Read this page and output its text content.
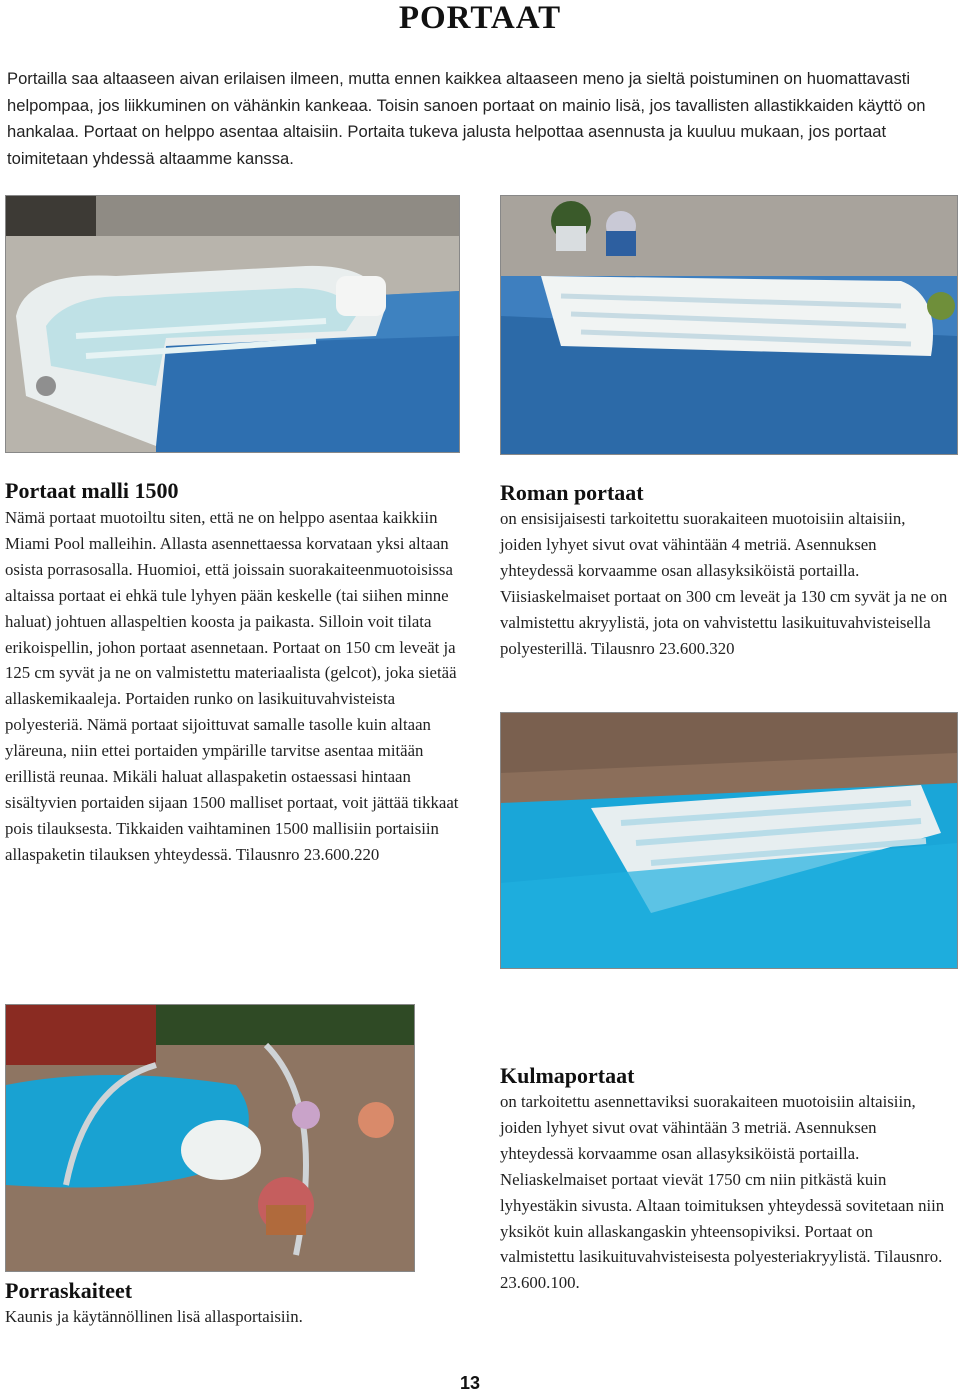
PORTAAT
Portailla saa altaaseen aivan erilaisen ilmeen, mutta ennen kaikkea altaaseen meno ja sieltä poistuminen on huomattavasti helpompaa, jos liikkuminen on vähänkin kankeaa. Toisin sanoen portaat on mainio lisä, jos tavallisten allastikkaiden käyttö on hankalaa. Portaat on helppo asentaa altaisiin. Portaita tukeva jalusta helpottaa asennusta ja kuuluu mukaan, jos portaat toimitetaan yhdessä altaamme kanssa.
Portaat malli 1500
Nämä portaat muotoiltu siten, että ne on helppo asentaa kaikkiin Miami Pool malleihin. Allasta asennettaessa korvataan yksi altaan osista porrasosalla. Huomioi, että joissain suorakaiteenmuotoisissa altaissa portaat ei ehkä tule lyhyen pään keskelle (tai siihen minne haluat) johtuen allaspeltien koosta ja paikasta. Silloin voit tilata erikoispellin, johon portaat asennetaan. Portaat on 150 cm leveät ja 125 cm syvät ja ne on valmistettu materiaalista (gelcot), joka sietää allaskemikaaleja. Portaiden runko on lasikuituvahvisteista polyesteriä. Nämä portaat sijoittuvat samalle tasolle kuin altaan yläreuna, niin ettei portaiden ympärille tarvitse asentaa mitään erillistä reunaa. Mikäli haluat allaspaketin ostaessasi hintaan sisältyvien portaiden sijaan 1500 malliset portaat, voit jättää tikkaat pois tilauksesta. Tikkaiden vaihtaminen 1500 mallisiin portaisiin allaspaketin tilauksen yhteydessä. Tilausnro 23.600.220
Roman portaat
on ensisijaisesti tarkoitettu suorakaiteen muotoisiin altaisiin, joiden lyhyet sivut ovat vähintään 4 metriä. Asennuksen yhteydessä korvaamme osan allasyksiköistä portailla. Viisiaskelmaiset portaat on 300 cm leveät ja 130 cm syvät ja ne on valmistettu akryylistä, jota on vahvistettu lasikuituvahvisteisella polyesterillä. Tilausnro 23.600.320
Kulmaportaat
on tarkoitettu asennettaviksi suorakaiteen muotoisiin altaisiin, joiden lyhyet sivut ovat vähintään 3 metriä. Asennuksen yhteydessä korvaamme osan allasyksiköistä portailla. Neliaskelmaiset portaat vievät 1750 cm niin pitkästä kuin lyhyestäkin sivusta. Altaan toimituksen yhteydessä sovitetaan niin yksiköt kuin allaskangaskin yhteensopiviksi. Portaat on valmistettu lasikuituvahvisteisesta polyesteriakryylistä. Tilausnro. 23.600.100.
Porraskaiteet
Kaunis ja käytännöllinen lisä allasportaisiin.
13
